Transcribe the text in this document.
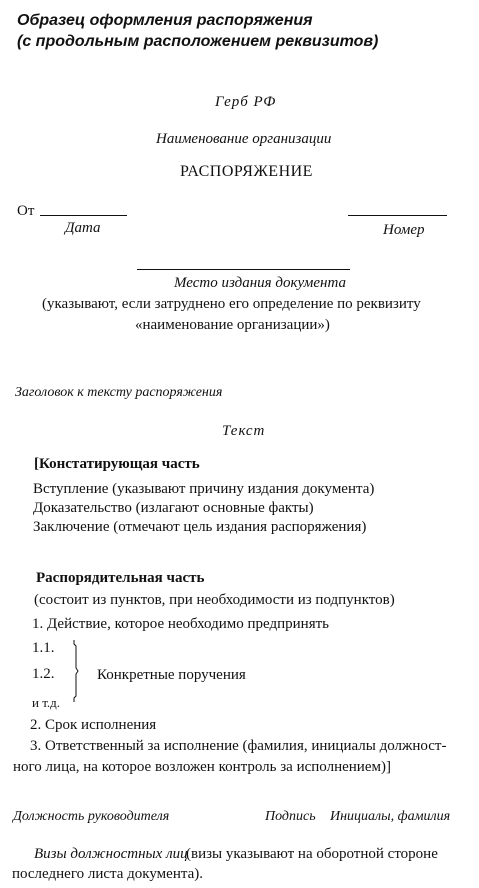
Образец оформления распоряжения
(с продольным расположением реквизитов)
Герб РФ
Наименование организации
РАСПОРЯЖЕНИЕ
От
Дата	Номер
Место издания документа
(указывают, если затруднено его определение по реквизиту
«наименование организации»)
Заголовок к тексту распоряжения
Текст
[Констатирующая часть
Вступление (указывают причину издания документа)
Доказательство (излагают основные факты)
Заключение (отмечают цель издания распоряжения)
Распорядительная часть
(состоит из пунктов, при необходимости из подпунктов)
1. Действие, которое необходимо предпринять
1.1.
1.2.
и т.д.
Конкретные поручения
2. Срок исполнения
3. Ответственный за исполнение (фамилия, инициалы должност-
ного лица, на которое возложен контроль за исполнением)]
Должность руководителя	Подпись Инициалы, фамилия
Визы должностных лиц
(визы указывают на оборотной стороне
последнего листа документа).
